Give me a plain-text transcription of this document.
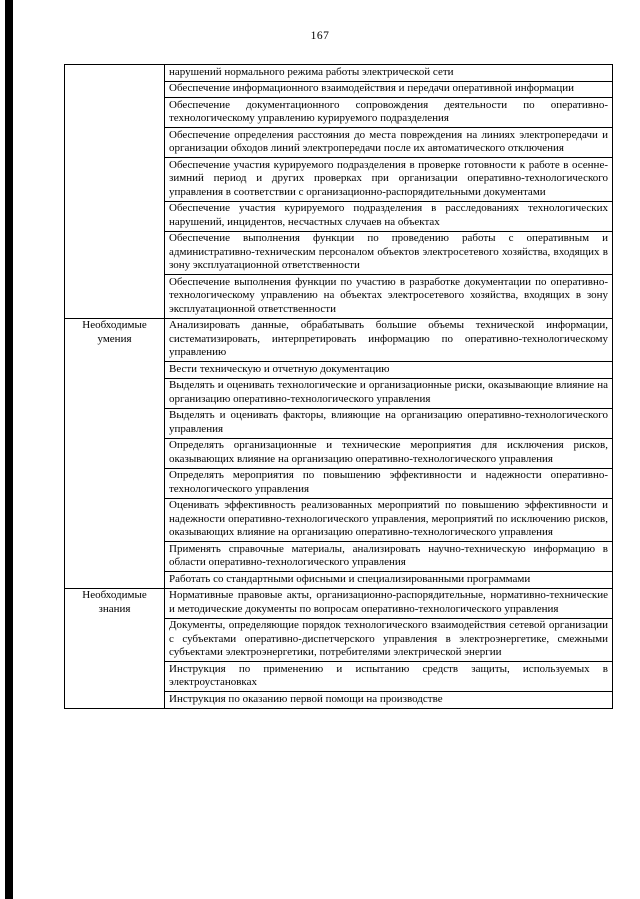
167
	нарушений нормального режима работы электрической сети
	Обеспечение информационного взаимодействия и передачи оперативной информации
	Обеспечение документационного сопровождения деятельности по оперативно-технологическому управлению курируемого подразделения
	Обеспечение определения расстояния до места повреждения на линиях электропередачи и организации обходов линий электропередачи после их автоматического отключения
	Обеспечение участия курируемого подразделения в проверке готовности к работе в осенне-зимний период и других проверках при организации оперативно-технологического управления в соответствии с организационно-распорядительными документами
	Обеспечение участия курируемого подразделения в расследованиях технологических нарушений, инцидентов, несчастных случаев на объектах
	Обеспечение выполнения функции по проведению работы с оперативным и административно-техническим персоналом объектов электросетевого хозяйства, входящих в зону эксплуатационной ответственности
	Обеспечение выполнения функции по участию в разработке документации по оперативно-технологическому управлению на объектах электросетевого хозяйства, входящих в зону эксплуатационной ответственности
Необходимые умения	Анализировать данные, обрабатывать большие объемы технической информации, систематизировать, интерпретировать информацию по оперативно-технологическому управлению
	Вести техническую и отчетную документацию
	Выделять и оценивать технологические и организационные риски, оказывающие влияние на организацию оперативно-технологического управления
	Выделять и оценивать факторы, влияющие на организацию оперативно-технологического управления
	Определять организационные и технические мероприятия для исключения рисков, оказывающих влияние на организацию оперативно-технологического управления
	Определять мероприятия по повышению эффективности и надежности оперативно-технологического управления
	Оценивать эффективность реализованных мероприятий по повышению эффективности и надежности оперативно-технологического управления, мероприятий по исключению рисков, оказывающих влияние на организацию оперативно-технологического управления
	Применять справочные материалы, анализировать научно-техническую информацию в области оперативно-технологического управления
	Работать со стандартными офисными и специализированными программами
Необходимые знания	Нормативные правовые акты, организационно-распорядительные, нормативно-технические и методические документы по вопросам оперативно-технологического управления
	Документы, определяющие порядок технологического взаимодействия сетевой организации с субъектами оперативно-диспетчерского управления в электроэнергетике, смежными субъектами электроэнергетики, потребителями электрической энергии
	Инструкция по применению и испытанию средств защиты, используемых в электроустановках
	Инструкция по оказанию первой помощи на производстве
